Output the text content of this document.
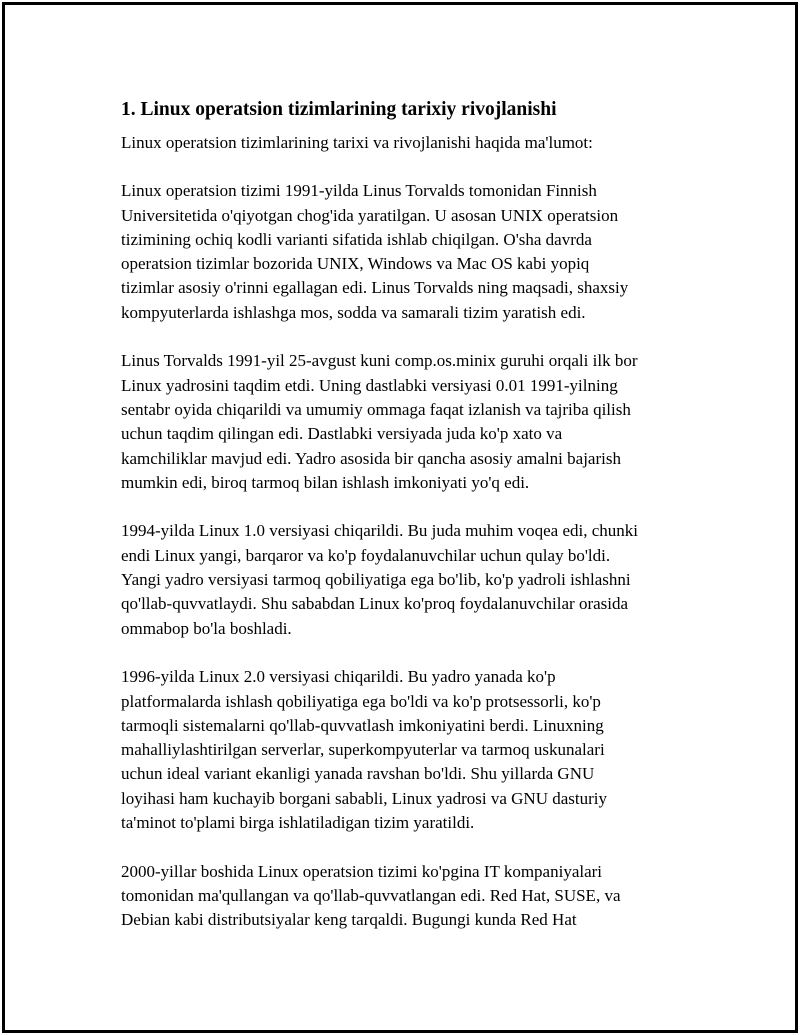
1. Linux operatsion tizimlarining tarixiy rivojlanishi

Linux operatsion tizimlarining tarixi va rivojlanishi haqida ma'lumot:

Linux operatsion tizimi 1991-yilda Linus Torvalds tomonidan Finnish
Universitetida o'qiyotgan chog'ida yaratilgan. U asosan UNIX operatsion
tizimining ochiq kodli varianti sifatida ishlab chiqilgan. O'sha davrda
operatsion tizimlar bozorida UNIX, Windows va Mac OS kabi yopiq
tizimlar asosiy o'rinni egallagan edi. Linus Torvalds ning maqsadi, shaxsiy
kompyuterlarda ishlashga mos, sodda va samarali tizim yaratish edi.
Linus Torvalds 1991-yil 25-avgust kuni comp.os.minix guruhi orqali ilk bor
Linux yadrosini taqdim etdi. Uning dastlabki versiyasi 0.01 1991-yilning
sentabr oyida chiqarildi va umumiy ommaga faqat izlanish va tajriba qilish
uchun taqdim qilingan edi. Dastlabki versiyada juda ko'p xato va
kamchiliklar mavjud edi. Yadro asosida bir qancha asosiy amalni bajarish
mumkin edi, biroq tarmoq bilan ishlash imkoniyati yo'q edi.
1994-yilda Linux 1.0 versiyasi chiqarildi. Bu juda muhim voqea edi, chunki
endi Linux yangi, barqaror va ko'p foydalanuvchilar uchun qulay bo'ldi.
Yangi yadro versiyasi tarmoq qobiliyatiga ega bo'lib, ko'p yadroli ishlashni
qo'llab-quvvatlaydi. Shu sababdan Linux ko'proq foydalanuvchilar orasida
ommabop bo'la boshladi.
1996-yilda Linux 2.0 versiyasi chiqarildi. Bu yadro yanada ko'p
platformalarda ishlash qobiliyatiga ega bo'ldi va ko'p protsessorli, ko'p
tarmoqli sistemalarni qo'llab-quvvatlash imkoniyatini berdi. Linuxning
mahalliylashtirilgan serverlar, superkompyuterlar va tarmoq uskunalari
uchun ideal variant ekanligi yanada ravshan bo'ldi. Shu yillarda GNU
loyihasi ham kuchayib borgani sababli, Linux yadrosi va GNU dasturiy
ta'minot to'plami birga ishlatiladigan tizim yaratildi.
2000-yillar boshida Linux operatsion tizimi ko'pgina IT kompaniyalari
tomonidan ma'qullangan va qo'llab-quvvatlangan edi. Red Hat, SUSE, va
Debian kabi distributsiyalar keng tarqaldi. Bugungi kunda Red Hat
